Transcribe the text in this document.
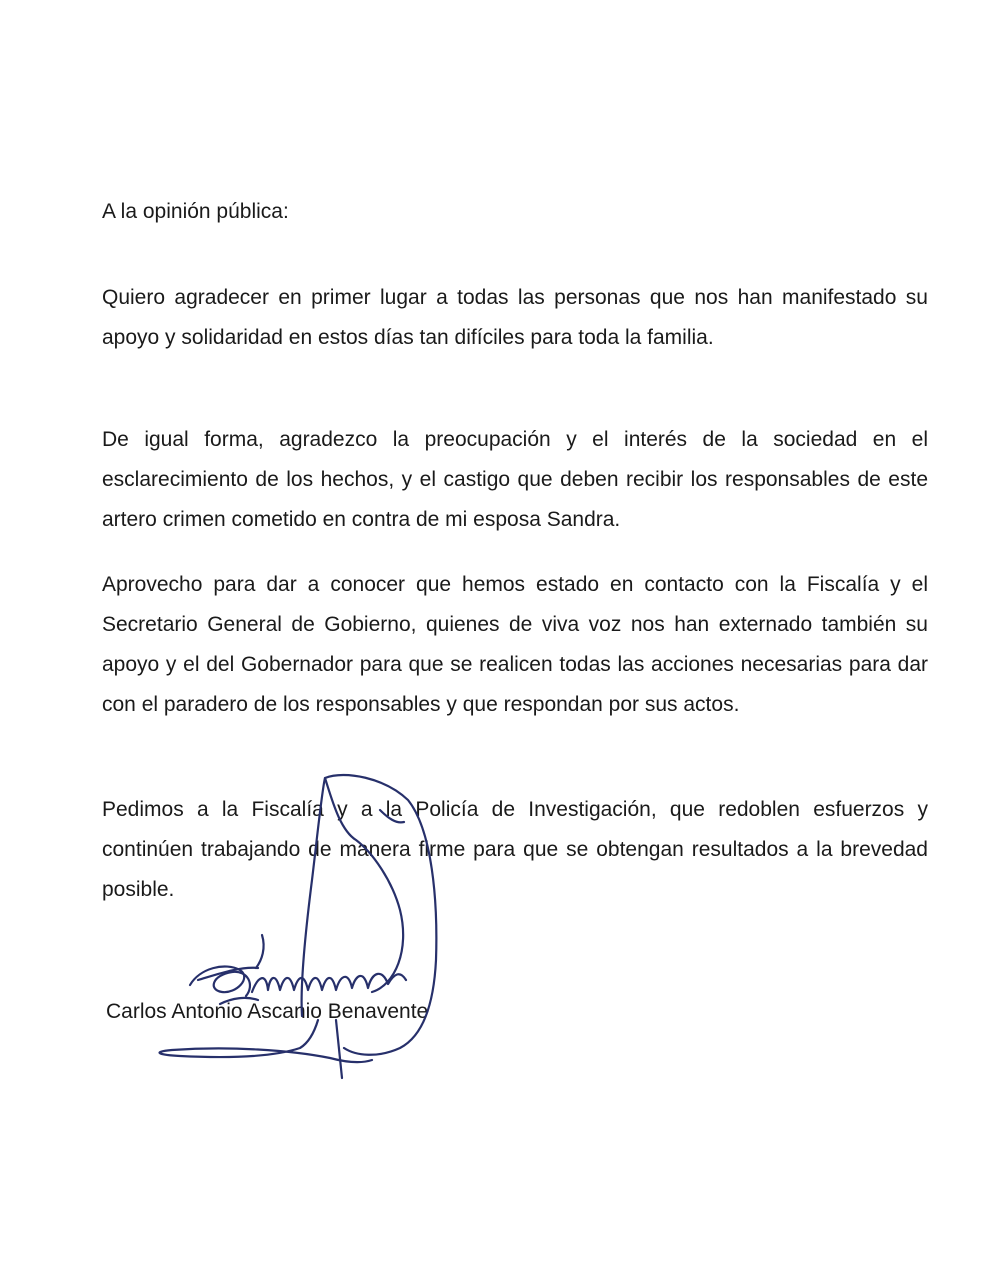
A la opinión pública:

Quiero agradecer en primer lugar a todas las personas que nos han manifestado su apoyo y solidaridad en estos días tan difíciles para toda la familia.

De igual forma, agradezco la preocupación y el interés de la sociedad en el esclarecimiento de los hechos, y el castigo que deben recibir los responsables de este artero crimen cometido en contra de mi esposa Sandra.

Aprovecho para dar a conocer que hemos estado en contacto con la Fiscalía y el Secretario General de Gobierno, quienes de viva voz nos han externado también su apoyo y el del Gobernador para que se realicen todas las acciones necesarias para dar con el paradero de los responsables y que respondan por sus actos.

Pedimos a la Fiscalía y a la Policía de Investigación, que redoblen esfuerzos y continúen trabajando de manera firme para que se obtengan resultados a la brevedad posible.

Carlos Antonio Ascanio Benavente
